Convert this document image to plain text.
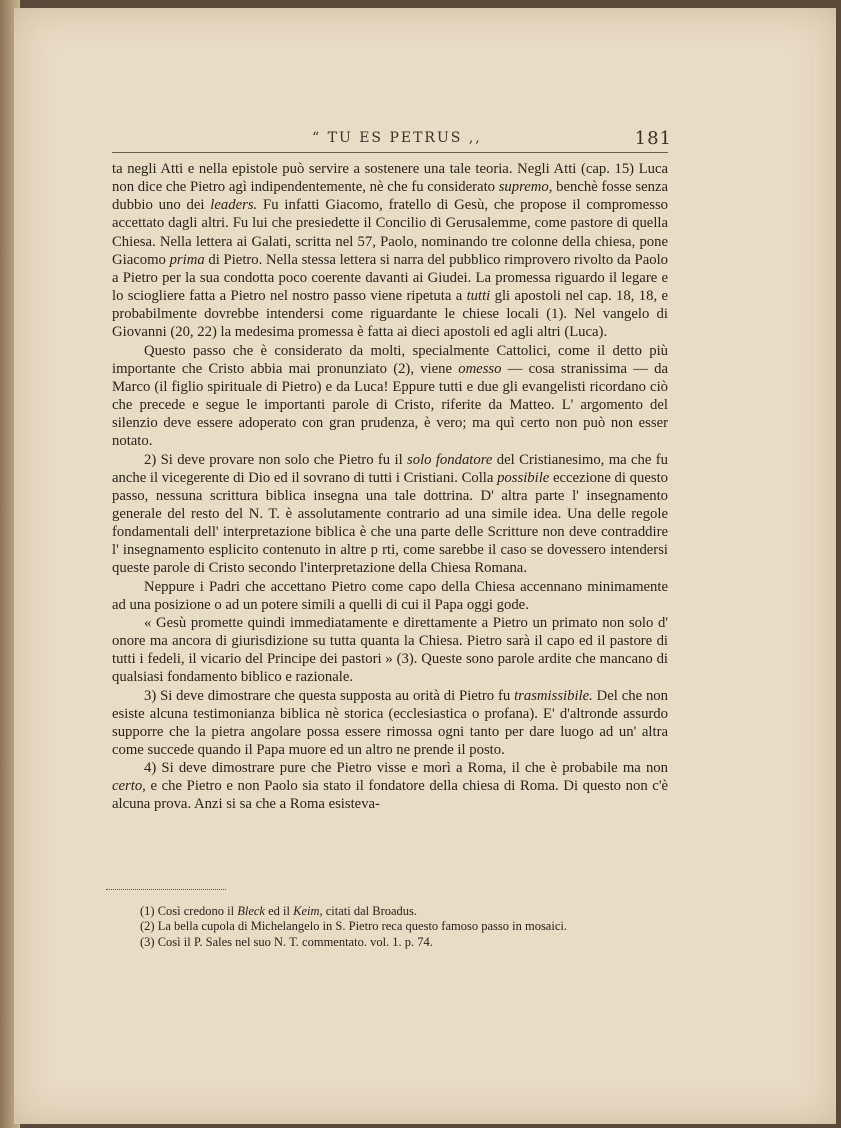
“ TU ES PETRUS ,,	181

ta negli Atti e nella epistole può servire a sostenere una tale teoria. Negli Atti (cap. 15) Luca non dice che Pietro agì indipendentemente, nè che fu considerato supremo, benchè fosse senza dubbio uno dei leaders. Fu infatti Giacomo, fratello di Gesù, che propose il compromesso accettato dagli altri. Fu lui che presiedette il Concilio di Gerusalemme, come pastore di quella Chiesa. Nella lettera ai Galati, scritta nel 57, Paolo, nominando tre colonne della chiesa, pone Giacomo prima di Pietro. Nella stessa lettera si narra del pubblico rimprovero rivolto da Paolo a Pietro per la sua condotta poco coerente davanti ai Giudei. La promessa riguardo il legare e lo sciogliere fatta a Pietro nel nostro passo viene ripetuta a tutti gli apostoli nel cap. 18, 18, e probabilmente dovrebbe intendersi come riguardante le chiese locali (1). Nel vangelo di Giovanni (20, 22) la medesima promessa è fatta ai dieci apostoli ed agli altri (Luca).

Questo passo che è considerato da molti, specialmente Cattolici, come il detto più importante che Cristo abbia mai pronunziato (2), viene omesso — cosa stranissima — da Marco (il figlio spirituale di Pietro) e da Luca! Eppure tutti e due gli evangelisti ricordano ciò che precede e segue le importanti parole di Cristo, riferite da Matteo. L' argomento del silenzio deve essere adoperato con gran prudenza, è vero; ma quì certo non può non esser notato.

2) Si deve provare non solo che Pietro fu il solo fondatore del Cristianesimo, ma che fu anche il vicegerente di Dio ed il sovrano di tutti i Cristiani. Colla possibile eccezione di questo passo, nessuna scrittura biblica insegna una tale dottrina. D' altra parte l' insegnamento generale del resto del N. T. è assolutamente contrario ad una simile idea. Una delle regole fondamentali dell' interpretazione biblica è che una parte delle Scritture non deve contraddire l' insegnamento esplicito contenuto in altre p rti, come sarebbe il caso se dovessero intendersi queste parole di Cristo secondo l'interpretazione della Chiesa Romana.

Neppure i Padri che accettano Pietro come capo della Chiesa accennano minimamente ad una posizione o ad un potere simili a quelli di cui il Papa oggi gode.

« Gesù promette quindi immediatamente e direttamente a Pietro un primato non solo d' onore ma ancora di giurisdizione su tutta quanta la Chiesa. Pietro sarà il capo ed il pastore di tutti i fedeli, il vicario del Principe dei pastori » (3). Queste sono parole ardite che mancano di qualsiasi fondamento biblico e razionale.

3) Si deve dimostrare che questa supposta au orità di Pietro fu trasmissibile. Del che non esiste alcuna testimonianza biblica nè storica (ecclesiastica o profana). E' d'altronde assurdo supporre che la pietra angolare possa essere rimossa ogni tanto per dare luogo ad un' altra come succede quando il Papa muore ed un altro ne prende il posto.

4) Si deve dimostrare pure che Pietro visse e morì a Roma, il che è probabile ma non certo, e che Pietro e non Paolo sia stato il fondatore della chiesa di Roma. Di questo non c'è alcuna prova. Anzi si sa che a Roma esisteva-

(1) Così credono il Bleck ed il Keim, citati dal Broadus.
(2) La bella cupola di Michelangelo in S. Pietro reca questo famoso passo in mosaici.
(3) Così il P. Sales nel suo N. T. commentato. vol. 1. p. 74.
